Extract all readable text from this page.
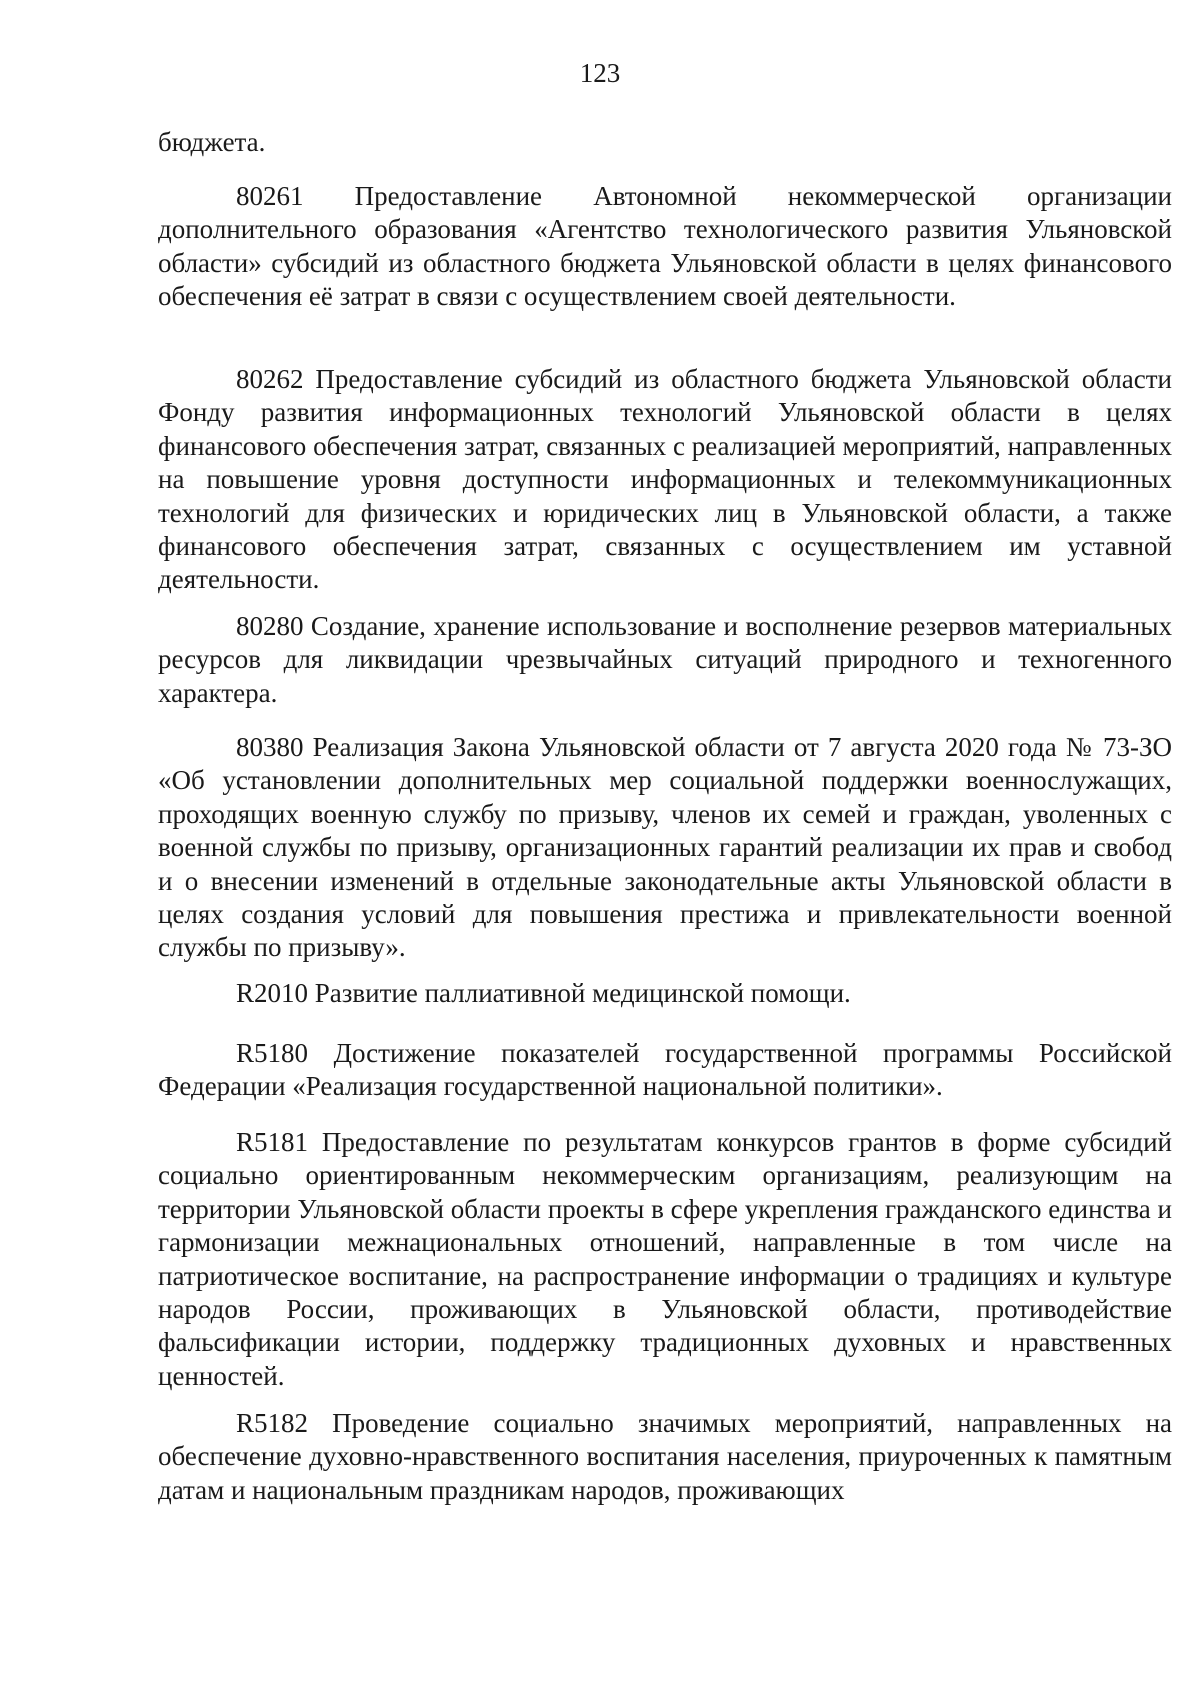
123

бюджета.

80261 Предоставление Автономной некоммерческой организации дополнительного образования «Агентство технологического развития Ульяновской области» субсидий из областного бюджета Ульяновской области в целях финансового обеспечения её затрат в связи с осуществлением своей деятельности.

80262 Предоставление субсидий из областного бюджета Ульяновской области Фонду развития информационных технологий Ульяновской области в целях финансового обеспечения затрат, связанных с реализацией мероприятий, направленных на повышение уровня доступности информационных и телекоммуникационных технологий для физических и юридических лиц в Ульяновской области, а также финансового обеспечения затрат, связанных с осуществлением им уставной деятельности.

80280 Создание, хранение использование и восполнение резервов материальных ресурсов для ликвидации чрезвычайных ситуаций природного и техногенного характера.

80380 Реализация Закона Ульяновской области от 7 августа 2020 года № 73-ЗО «Об установлении дополнительных мер социальной поддержки военнослужащих, проходящих военную службу по призыву, членов их семей и граждан, уволенных с военной службы по призыву, организационных гарантий реализации их прав и свобод и о внесении изменений в отдельные законодательные акты Ульяновской области в целях создания условий для повышения престижа и привлекательности военной службы по призыву».

R2010 Развитие паллиативной медицинской помощи.

R5180 Достижение показателей государственной программы Российской Федерации «Реализация государственной национальной политики».

R5181 Предоставление по результатам конкурсов грантов в форме субсидий социально ориентированным некоммерческим организациям, реализующим на территории Ульяновской области проекты в сфере укрепления гражданского единства и гармонизации межнациональных отношений, направленные в том числе на патриотическое воспитание, на распространение информации о традициях и культуре народов России, проживающих в Ульяновской области, противодействие фальсификации истории, поддержку традиционных духовных и нравственных ценностей.

R5182 Проведение социально значимых мероприятий, направленных на обеспечение духовно-нравственного воспитания населения, приуроченных к памятным датам и национальным праздникам народов, проживающих
